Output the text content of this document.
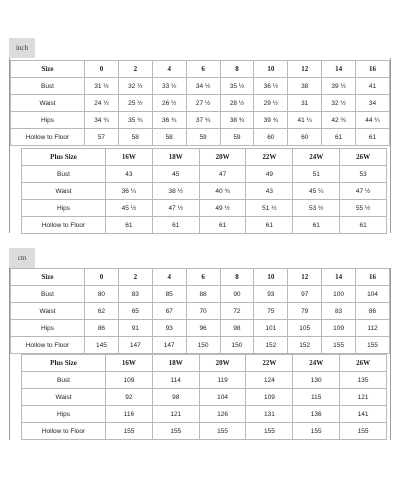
inch
Size	0	2	4	6	8	10	12	14	16
Bust	31 ½	32 ½	33 ½	34 ½	35 ½	36 ½	38	39 ½	41
Waist	24 ½	25 ½	26 ½	27 ½	28 ½	29 ½	31	32 ½	34
Hips	34 ¾	35 ¾	36 ¾	37 ¾	38 ¾	39 ¾	41 ¼	42 ¾	44 ¼
Hollow to Floor	57	58	58	59	59	60	60	61	61
Plus Size	16W	18W	20W	22W	24W	26W
Bust	43	45	47	49	51	53
Waist	36 ¼	38 ½	40 ¾	43	45 ¼	47 ½
Hips	45 ½	47 ½	49 ½	51 ½	53 ½	55 ½
Hollow to Floor	61	61	61	61	61	61
cm
Size	0	2	4	6	8	10	12	14	16
Bust	80	83	85	88	90	93	97	100	104
Waist	62	65	67	70	72	75	79	83	86
Hips	86	91	93	96	98	101	105	109	112
Hollow to Floor	145	147	147	150	150	152	152	155	155
Plus Size	16W	18W	20W	22W	24W	26W
Bust	109	114	119	124	130	135
Waist	92	98	104	109	115	121
Hips	116	121	126	131	136	141
Hollow to Floor	155	155	155	155	155	155
